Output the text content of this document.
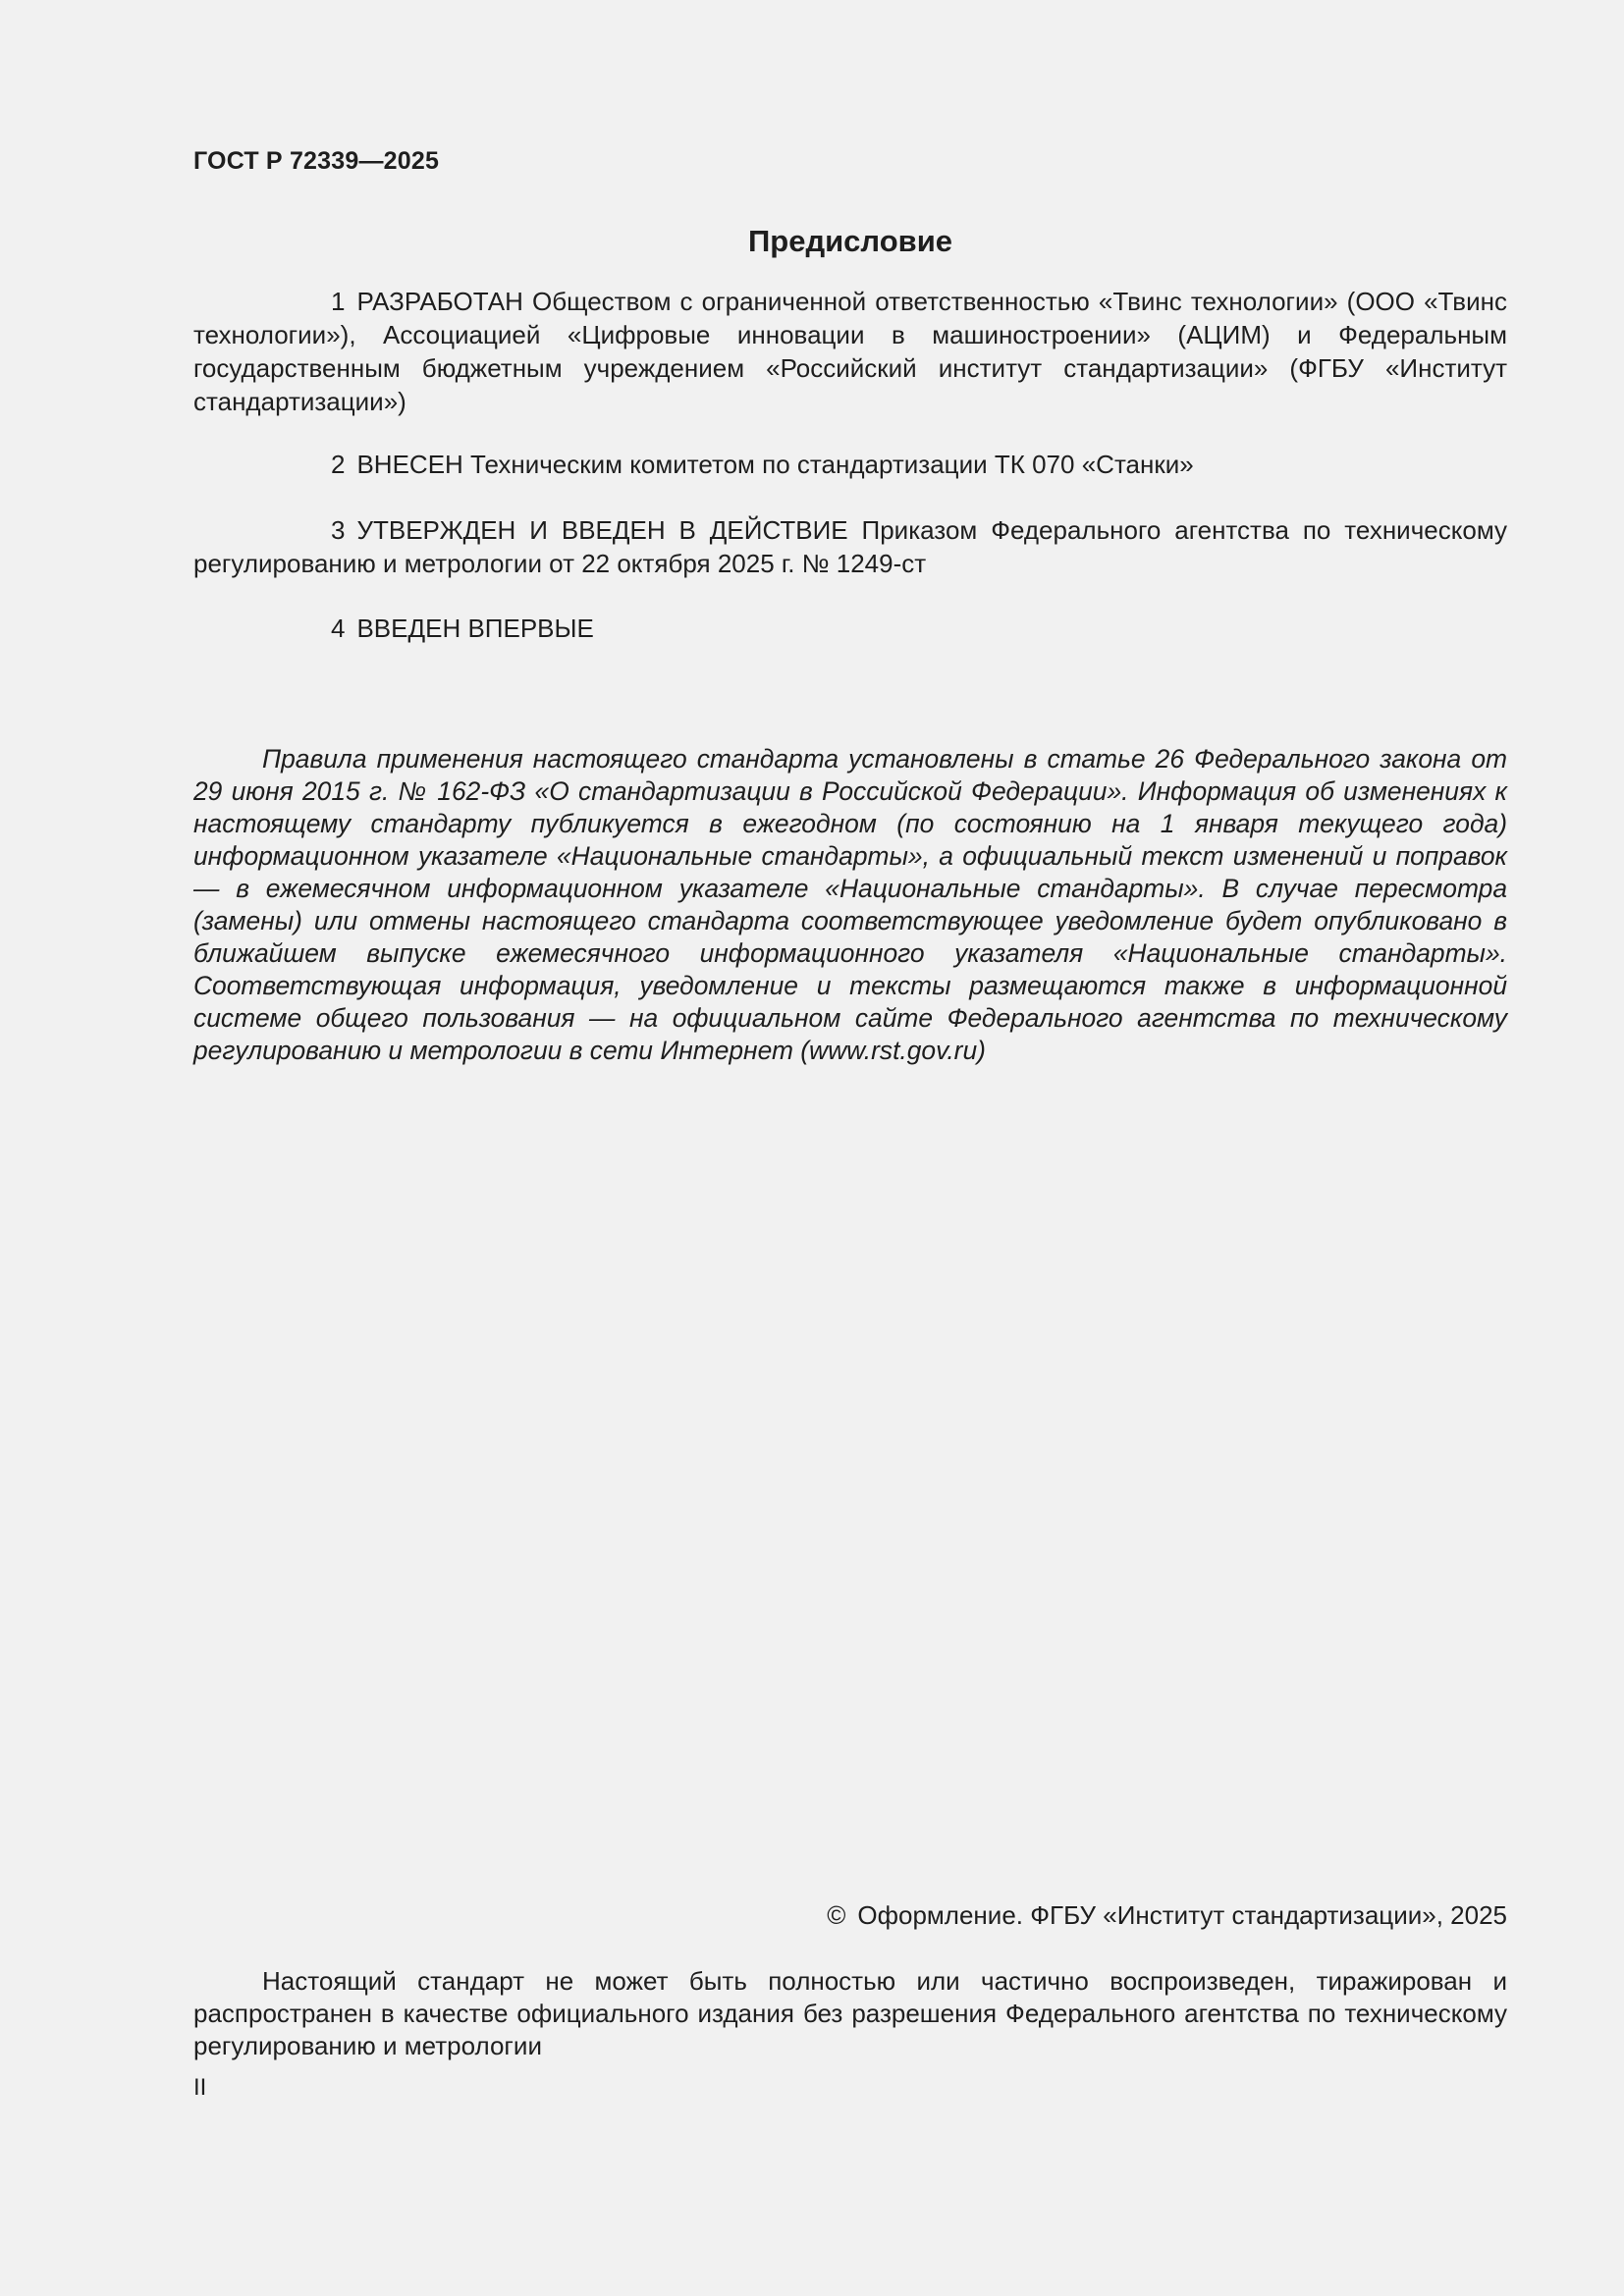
ГОСТ Р 72339—2025
Предисловие

1 РАЗРАБОТАН Обществом с ограниченной ответственностью «Твинс технологии» (ООО «Твинс технологии»), Ассоциацией «Цифровые инновации в машиностроении» (АЦИМ) и Федеральным государственным бюджетным учреждением «Российский институт стандартизации» (ФГБУ «Институт стандартизации»)

2 ВНЕСЕН Техническим комитетом по стандартизации ТК 070 «Станки»

3 УТВЕРЖДЕН И ВВЕДЕН В ДЕЙСТВИЕ Приказом Федерального агентства по техническому регулированию и метрологии от 22 октября 2025 г. № 1249-ст

4 ВВЕДЕН ВПЕРВЫЕ

Правила применения настоящего стандарта установлены в статье 26 Федерального закона от 29 июня 2015 г. № 162-ФЗ «О стандартизации в Российской Федерации». Информация об изменениях к настоящему стандарту публикуется в ежегодном (по состоянию на 1 января текущего года) информационном указателе «Национальные стандарты», а официальный текст изменений и поправок — в ежемесячном информационном указателе «Национальные стандарты». В случае пересмотра (замены) или отмены настоящего стандарта соответствующее уведомление будет опубликовано в ближайшем выпуске ежемесячного информационного указателя «Национальные стандарты». Соответствующая информация, уведомление и тексты размещаются также в информационной системе общего пользования — на официальном сайте Федерального агентства по техническому регулированию и метрологии в сети Интернет (www.rst.gov.ru)

© Оформление. ФГБУ «Институт стандартизации», 2025

Настоящий стандарт не может быть полностью или частично воспроизведен, тиражирован и распространен в качестве официального издания без разрешения Федерального агентства по техническому регулированию и метрологии

II
